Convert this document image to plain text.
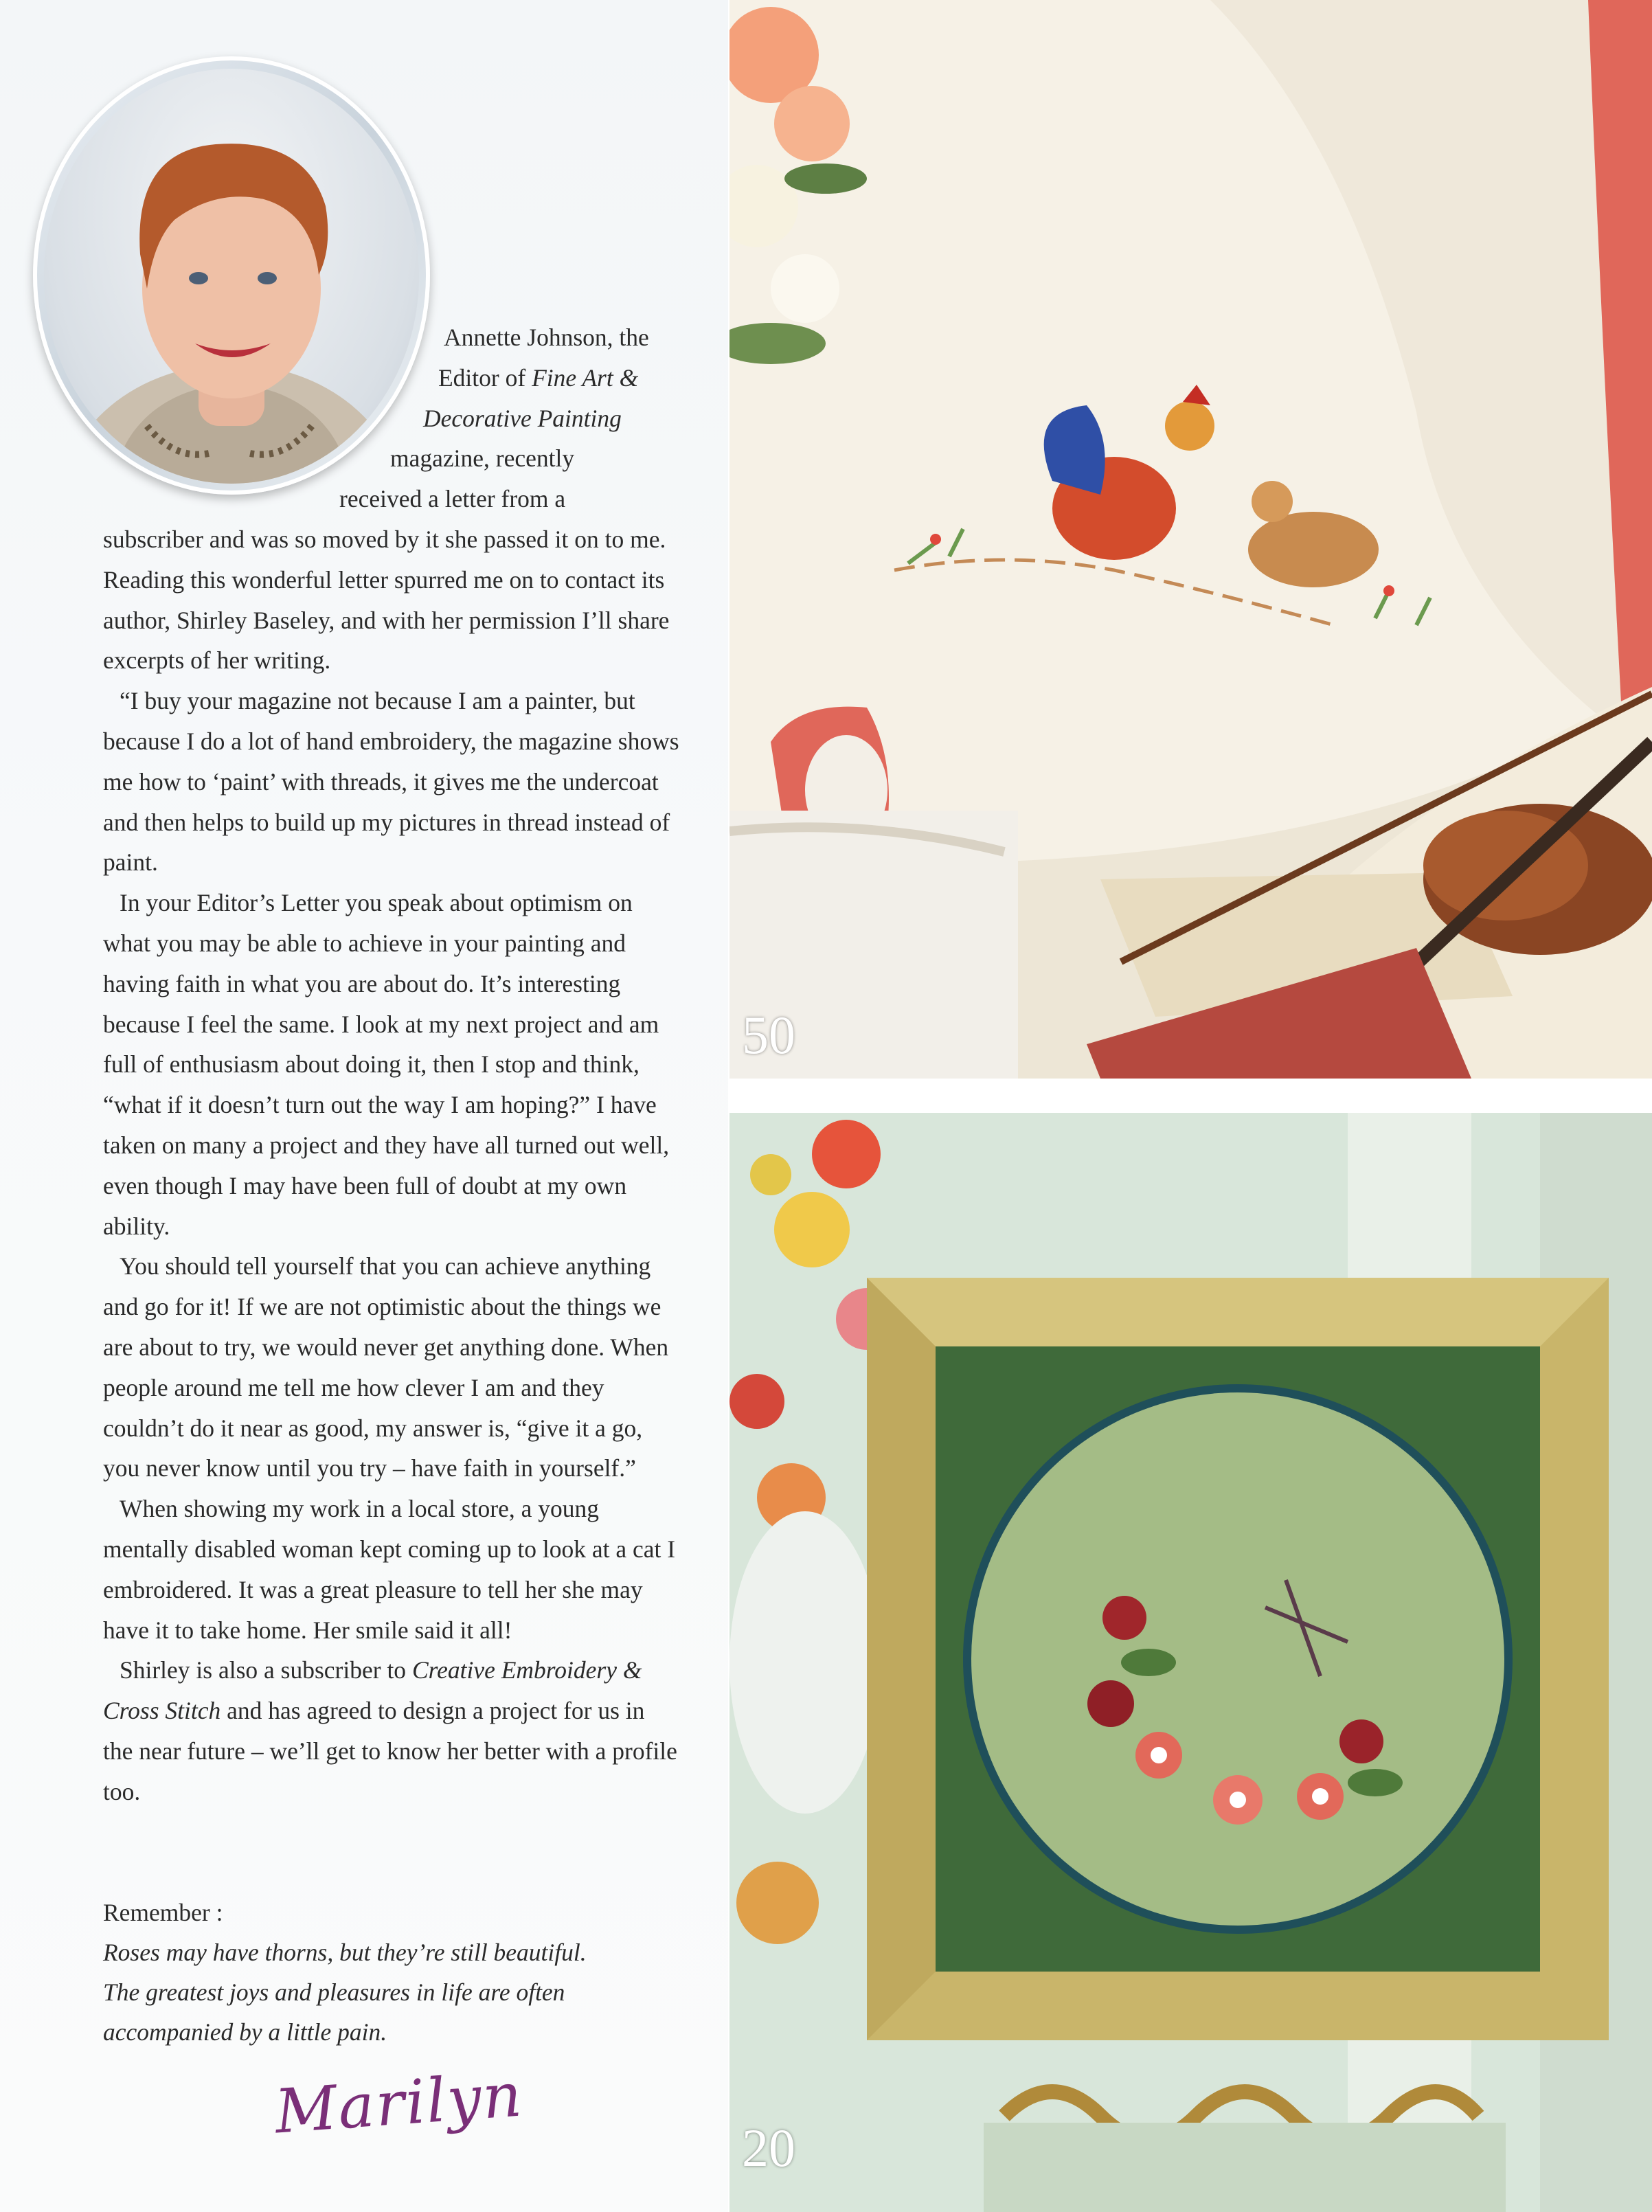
Annette Johnson, the
Editor of Fine Art &
Decorative Painting
magazine, recently
received a letter from a
subscriber and was so moved by it she passed it on to me. Reading this wonderful letter spurred me on to contact its author, Shirley Baseley, and with her permission I’ll share excerpts of her writing.

“I buy your magazine not because I am a painter, but because I do a lot of hand embroidery, the magazine shows me how to ‘paint’ with threads, it gives me the undercoat and then helps to build up my pictures in thread instead of paint.

In your Editor’s Letter you speak about optimism on what you may be able to achieve in your painting and having faith in what you are about do. It’s interesting because I feel the same. I look at my next project and am full of enthusiasm about doing it, then I stop and think, “what if it doesn’t turn out the way I am hoping?” I have taken on many a project and they have all turned out well, even though I may have been full of doubt at my own ability.

You should tell yourself that you can achieve anything and go for it! If we are not optimistic about the things we are about to try, we would never get anything done. When people around me tell me how clever I am and they couldn’t do it near as good, my answer is, “give it a go, you never know until you try – have faith in yourself.”

When showing my work in a local store, a young mentally disabled woman kept coming up to look at a cat I embroidered. It was a great pleasure to tell her she may have it to take home. Her smile said it all!

Shirley is also a subscriber to Creative Embroidery & Cross Stitch and has agreed to design a project for us in the near future – we’ll get to know her better with a profile too.

Remember :
Roses may have thorns, but they’re still beautiful.
The greatest joys and pleasures in life are often
accompanied by a little pain.
Marilyn
50
20
